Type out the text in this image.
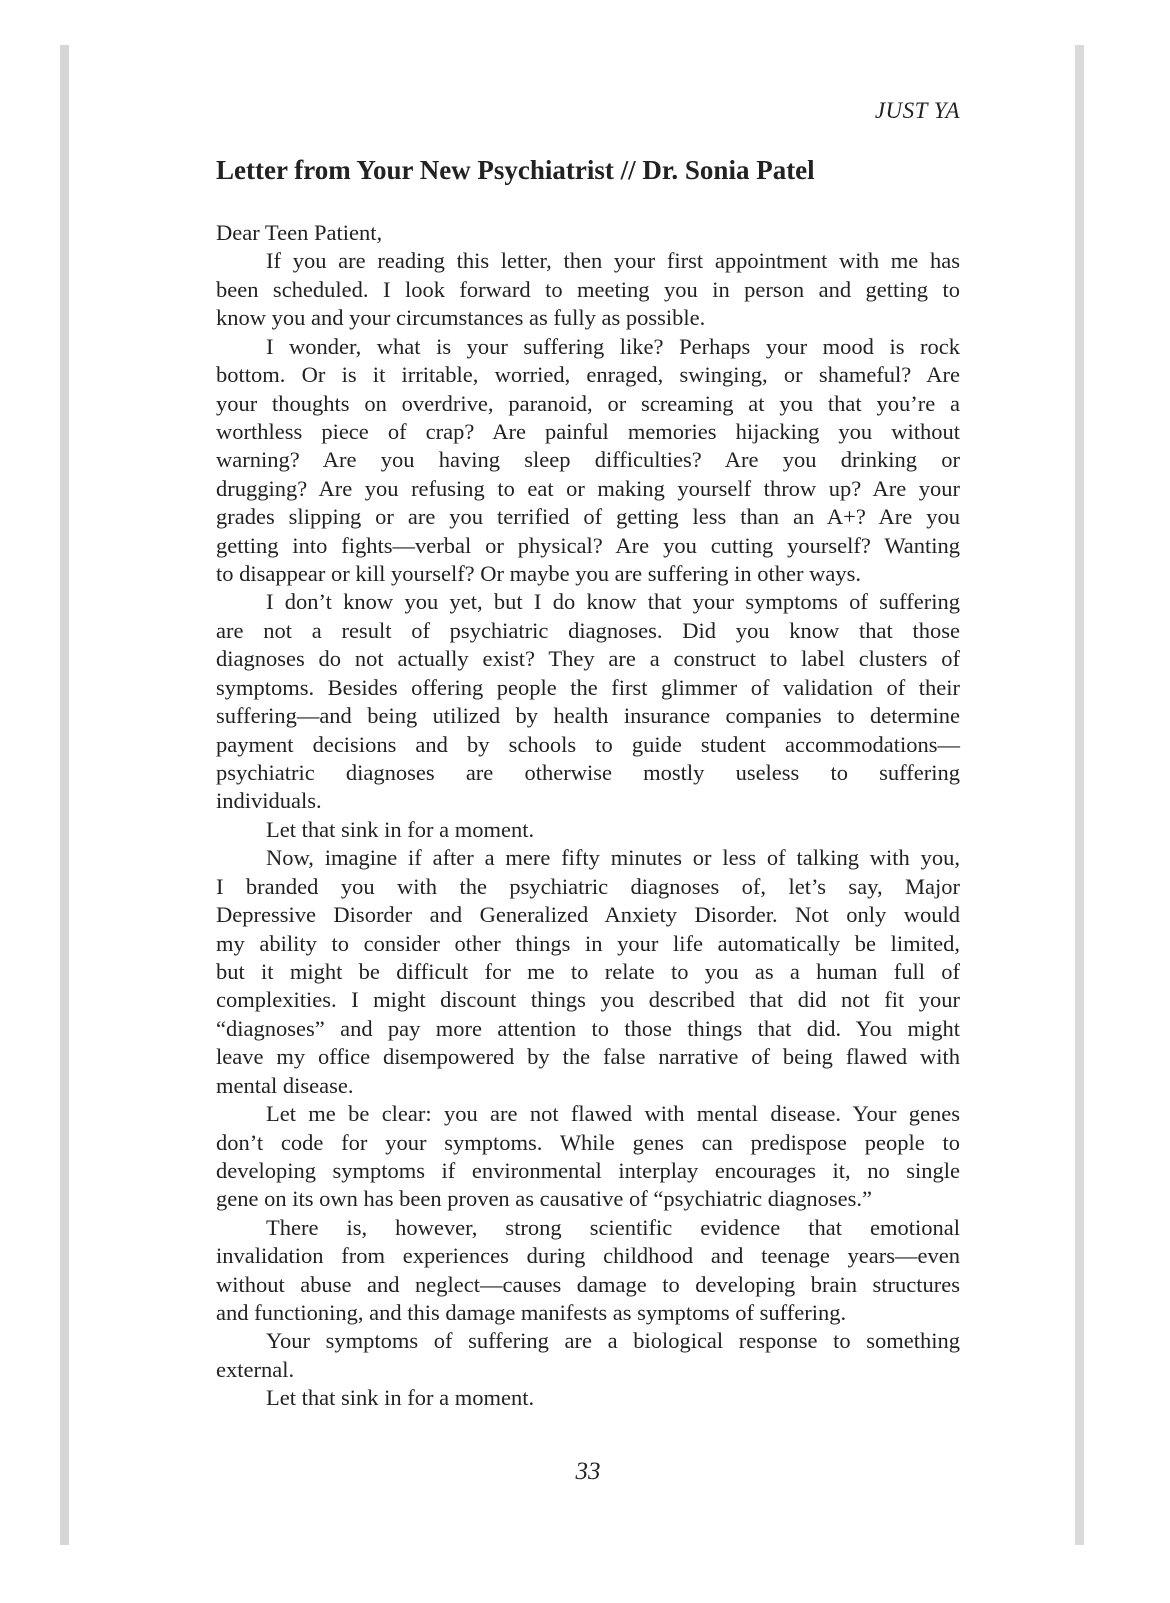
JUST YA
Letter from Your New Psychiatrist // Dr. Sonia Patel
Dear Teen Patient,
If you are reading this letter, then your first appointment with me has
been scheduled. I look forward to meeting you in person and getting to
know you and your circumstances as fully as possible.
I wonder, what is your suffering like? Perhaps your mood is rock
bottom. Or is it irritable, worried, enraged, swinging, or shameful? Are
your thoughts on overdrive, paranoid, or screaming at you that you’re a
worthless piece of crap? Are painful memories hijacking you without
warning? Are you having sleep difficulties? Are you drinking or
drugging? Are you refusing to eat or making yourself throw up? Are your
grades slipping or are you terrified of getting less than an A+? Are you
getting into fights—verbal or physical? Are you cutting yourself? Wanting
to disappear or kill yourself? Or maybe you are suffering in other ways.
I don’t know you yet, but I do know that your symptoms of suffering
are not a result of psychiatric diagnoses. Did you know that those
diagnoses do not actually exist? They are a construct to label clusters of
symptoms. Besides offering people the first glimmer of validation of their
suffering—and being utilized by health insurance companies to determine
payment decisions and by schools to guide student accommodations—
psychiatric diagnoses are otherwise mostly useless to suffering
individuals.
Let that sink in for a moment.
Now, imagine if after a mere fifty minutes or less of talking with you,
I branded you with the psychiatric diagnoses of, let’s say, Major
Depressive Disorder and Generalized Anxiety Disorder. Not only would
my ability to consider other things in your life automatically be limited,
but it might be difficult for me to relate to you as a human full of
complexities. I might discount things you described that did not fit your
“diagnoses” and pay more attention to those things that did. You might
leave my office disempowered by the false narrative of being flawed with
mental disease.
Let me be clear: you are not flawed with mental disease. Your genes
don’t code for your symptoms. While genes can predispose people to
developing symptoms if environmental interplay encourages it, no single
gene on its own has been proven as causative of “psychiatric diagnoses.”
There is, however, strong scientific evidence that emotional
invalidation from experiences during childhood and teenage years—even
without abuse and neglect—causes damage to developing brain structures
and functioning, and this damage manifests as symptoms of suffering.
Your symptoms of suffering are a biological response to something
external.
Let that sink in for a moment.
33
